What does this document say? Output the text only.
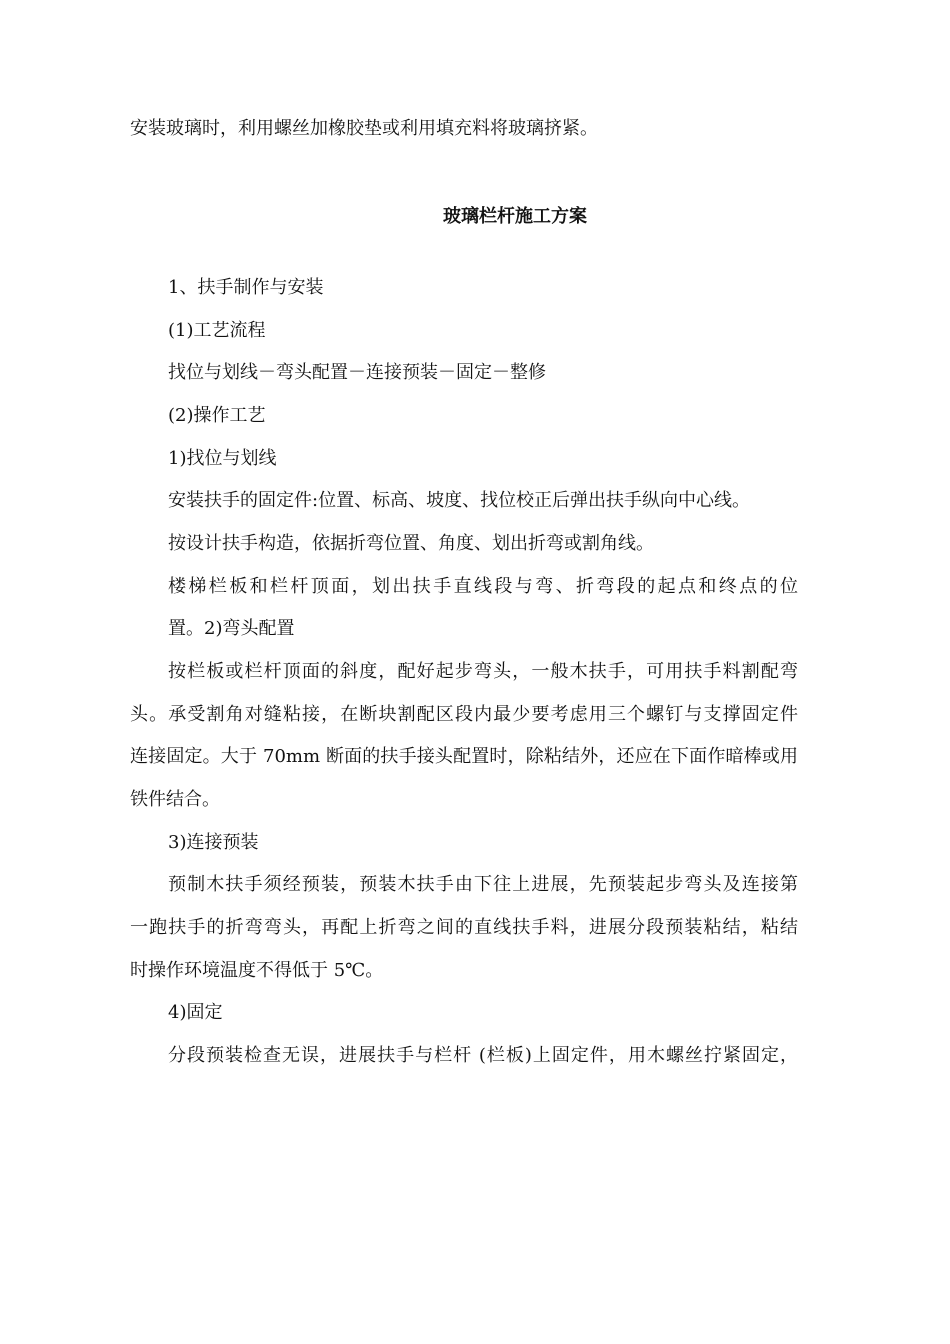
安装玻璃时，利用螺丝加橡胶垫或利用填充料将玻璃挤紧。
玻璃栏杆施工方案
1、扶手制作与安装
(1)工艺流程
找位与划线－弯头配置－连接预装－固定－整修
(2)操作工艺
1)找位与划线
安装扶手的固定件:位置、标高、坡度、找位校正后弹出扶手纵向中心线。
按设计扶手构造，依据折弯位置、角度、划出折弯或割角线。
楼梯栏板和栏杆顶面，划出扶手直线段与弯、折弯段的起点和终点的位
置。2)弯头配置
按栏板或栏杆顶面的斜度，配好起步弯头，一般木扶手，可用扶手料割配弯
头。承受割角对缝粘接，在断块割配区段内最少要考虑用三个螺钉与支撑固定件
连接固定。大于 70mm 断面的扶手接头配置时，除粘结外，还应在下面作暗棒或用
铁件结合。
3)连接预装
预制木扶手须经预装，预装木扶手由下往上进展，先预装起步弯头及连接第
一跑扶手的折弯弯头，再配上折弯之间的直线扶手料，进展分段预装粘结，粘结
时操作环境温度不得低于 5℃。
4)固定
分段预装检查无误，进展扶手与栏杆 (栏板)上固定件，用木螺丝拧紧固定，
